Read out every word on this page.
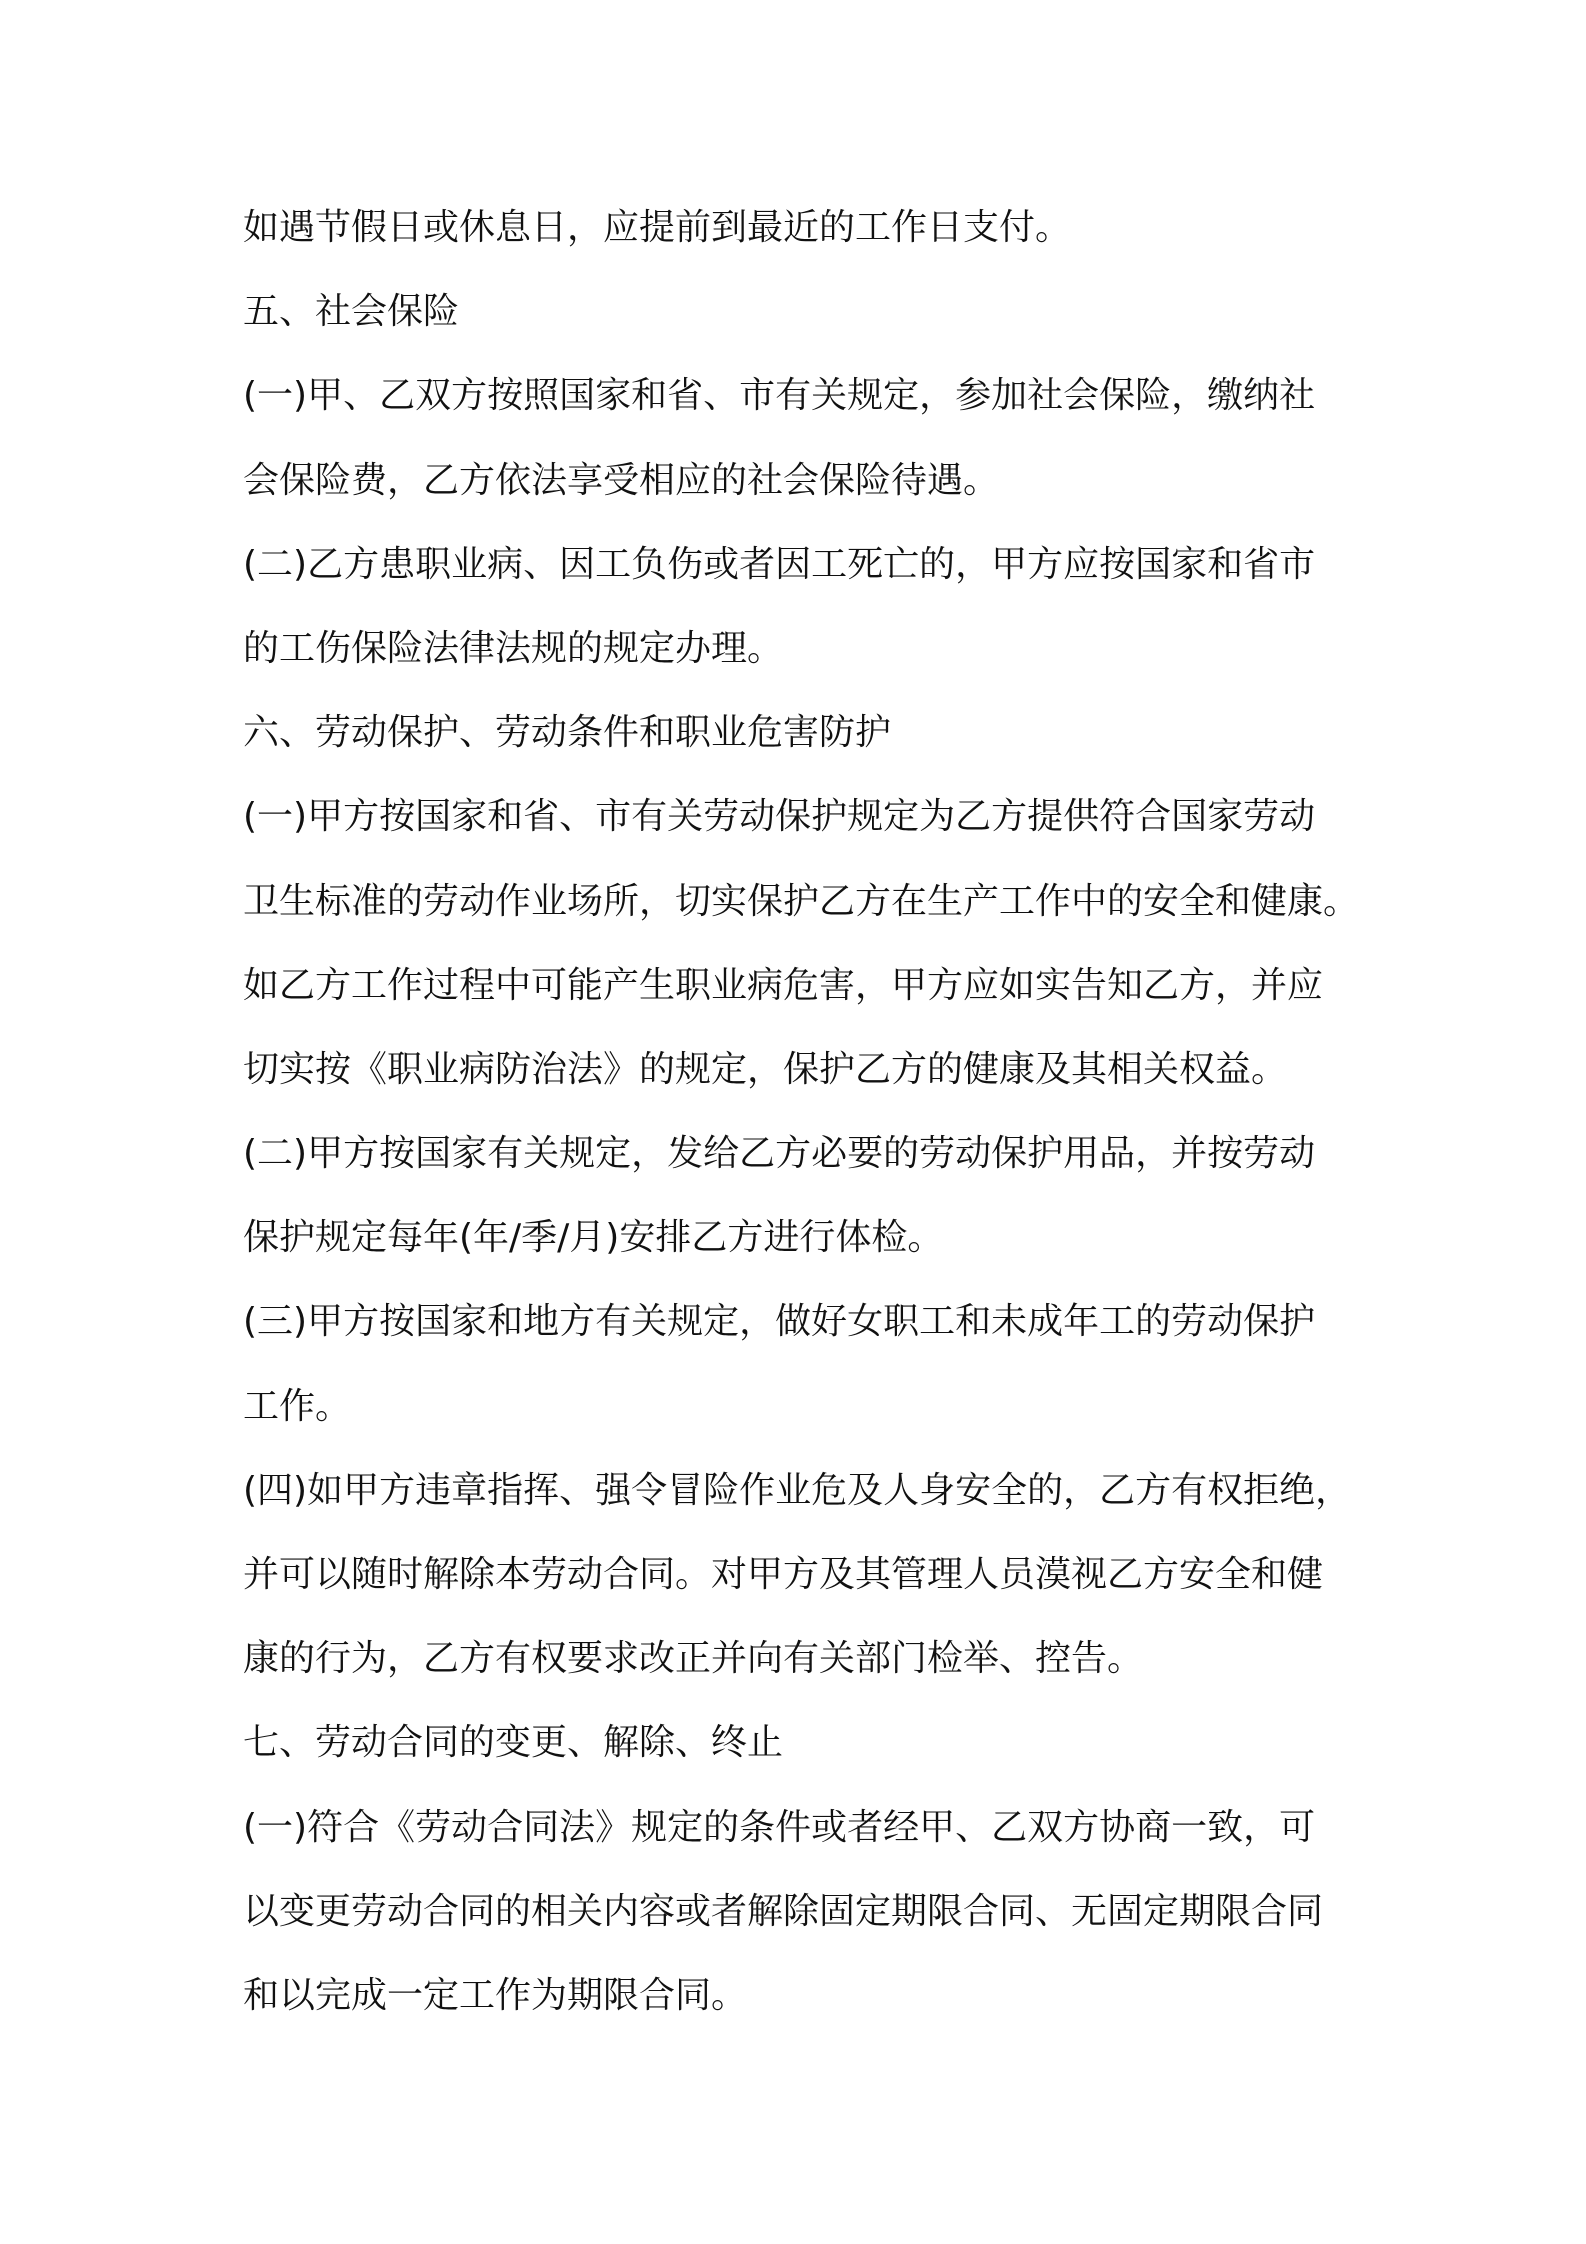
如遇节假日或休息日，应提前到最近的工作日支付。
五、社会保险
(一)甲、乙双方按照国家和省、市有关规定，参加社会保险，缴纳社
会保险费，乙方依法享受相应的社会保险待遇。
(二)乙方患职业病、因工负伤或者因工死亡的，甲方应按国家和省市
的工伤保险法律法规的规定办理。
六、劳动保护、劳动条件和职业危害防护
(一)甲方按国家和省、市有关劳动保护规定为乙方提供符合国家劳动
卫生标准的劳动作业场所，切实保护乙方在生产工作中的安全和健康。
如乙方工作过程中可能产生职业病危害，甲方应如实告知乙方，并应
切实按《职业病防治法》的规定，保护乙方的健康及其相关权益。
(二)甲方按国家有关规定，发给乙方必要的劳动保护用品，并按劳动
保护规定每年(年/季/月)安排乙方进行体检。
(三)甲方按国家和地方有关规定，做好女职工和未成年工的劳动保护
工作。
(四)如甲方违章指挥、强令冒险作业危及人身安全的，乙方有权拒绝，
并可以随时解除本劳动合同。对甲方及其管理人员漠视乙方安全和健
康的行为，乙方有权要求改正并向有关部门检举、控告。
七、劳动合同的变更、解除、终止
(一)符合《劳动合同法》规定的条件或者经甲、乙双方协商一致，可
以变更劳动合同的相关内容或者解除固定期限合同、无固定期限合同
和以完成一定工作为期限合同。
